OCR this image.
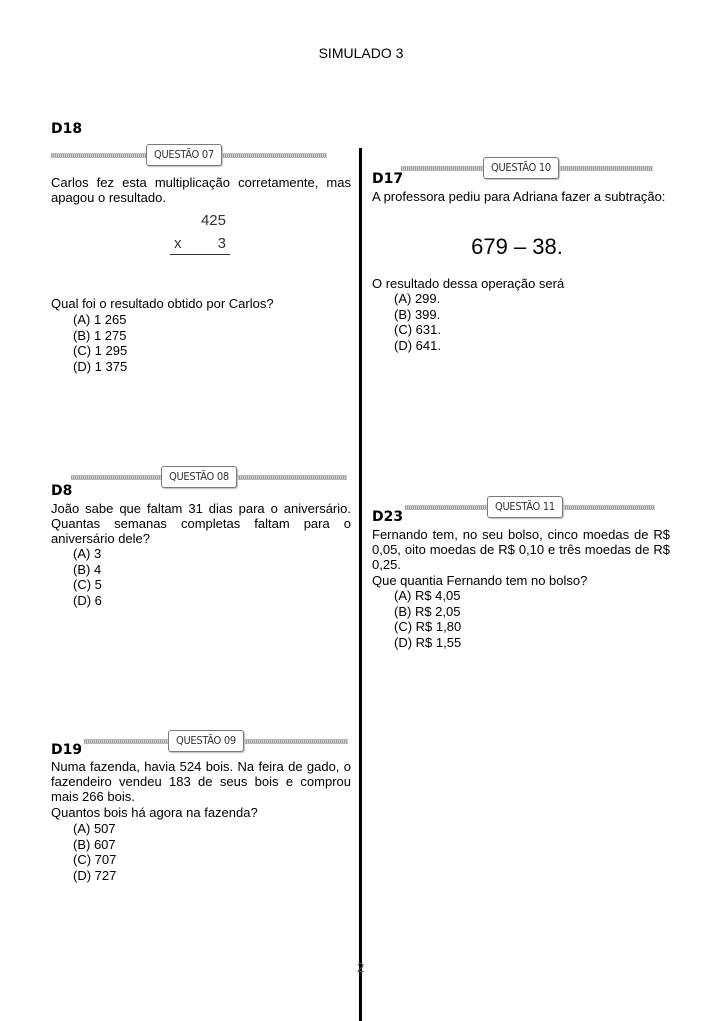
SIMULADO 3
2
D18
QUESTÃO 07

Carlos fez esta multiplicação corretamente, mas apagou o resultado.

425
x 3
Qual foi o resultado obtido por Carlos?
(A) 1 265
(B) 1 275
(C) 1 295
(D) 1 375
QUESTÃO 08
D8
João sabe que faltam 31 dias para o aniversário. Quantas semanas completas faltam para o aniversário dele?
(A) 3
(B) 4
(C) 5
(D) 6
QUESTÃO 09
D19
Numa fazenda, havia 524 bois. Na feira de gado, o fazendeiro vendeu 183 de seus bois e comprou mais 266 bois.
Quantos bois há agora na fazenda?
(A) 507
(B) 607
(C) 707
(D) 727
QUESTÃO 10
D17
A professora pediu para Adriana fazer a subtração:
679 – 38.
O resultado dessa operação será
(A) 299.
(B) 399.
(C) 631.
(D) 641.
QUESTÃO 11
D23
Fernando tem, no seu bolso, cinco moedas de R$ 0,05, oito moedas de R$ 0,10 e três moedas de R$ 0,25.
Que quantia Fernando tem no bolso?
(A) R$ 4,05
(B) R$ 2,05
(C) R$ 1,80
(D) R$ 1,55
